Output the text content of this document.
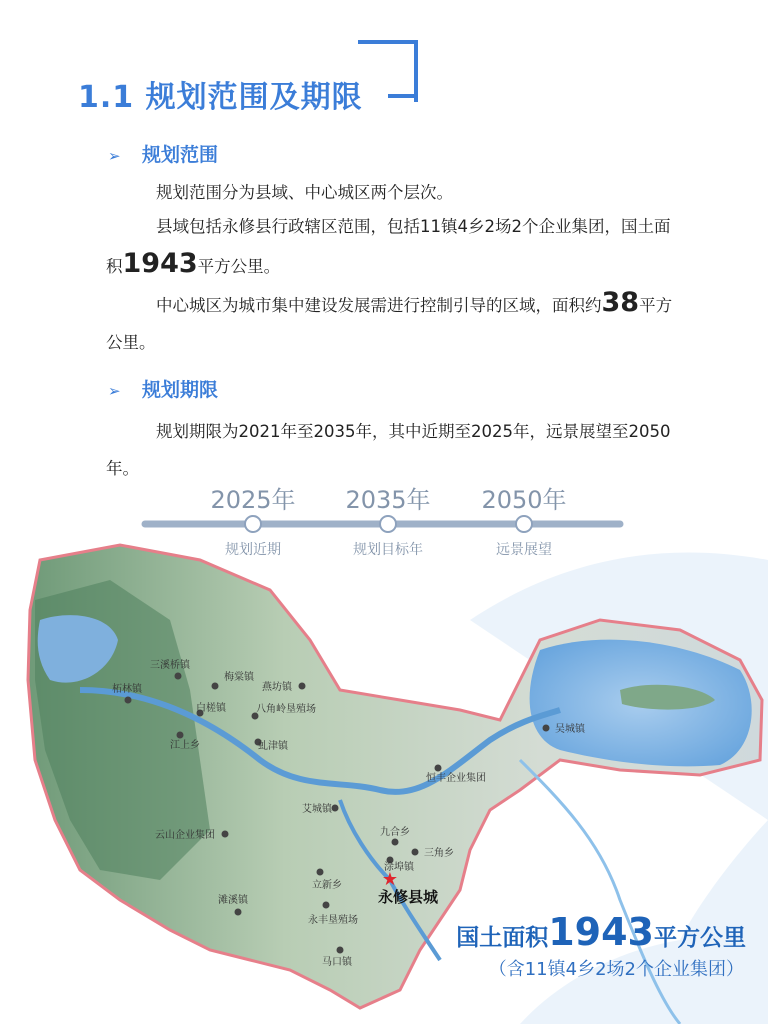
1.1 规划范围及期限
➢ 规划范围
规划范围分为县域、中心城区两个层次。
县域包括永修县行政辖区范围，包括11镇4乡2场2个企业集团，国土面积1943平方公里。
中心城区为城市集中建设发展需进行控制引导的区域，面积约38平方公里。
➢ 规划期限
规划期限为2021年至2035年，其中近期至2025年，远景展望至2050年。
2025年
规划近期
2035年
规划目标年
2050年
远景展望
三溪桥镇
梅棠镇
柘林镇	燕坊镇
白槎镇	八角岭垦殖场
江上乡	虬津镇
吴城镇
恒丰企业集团
艾城镇
云山企业集团	九合乡
三角乡
涂埠镇
立新乡
滩溪镇
永丰垦殖场
马口镇
★
永修县城
国土面积1943平方公里
（含11镇4乡2场2个企业集团）
